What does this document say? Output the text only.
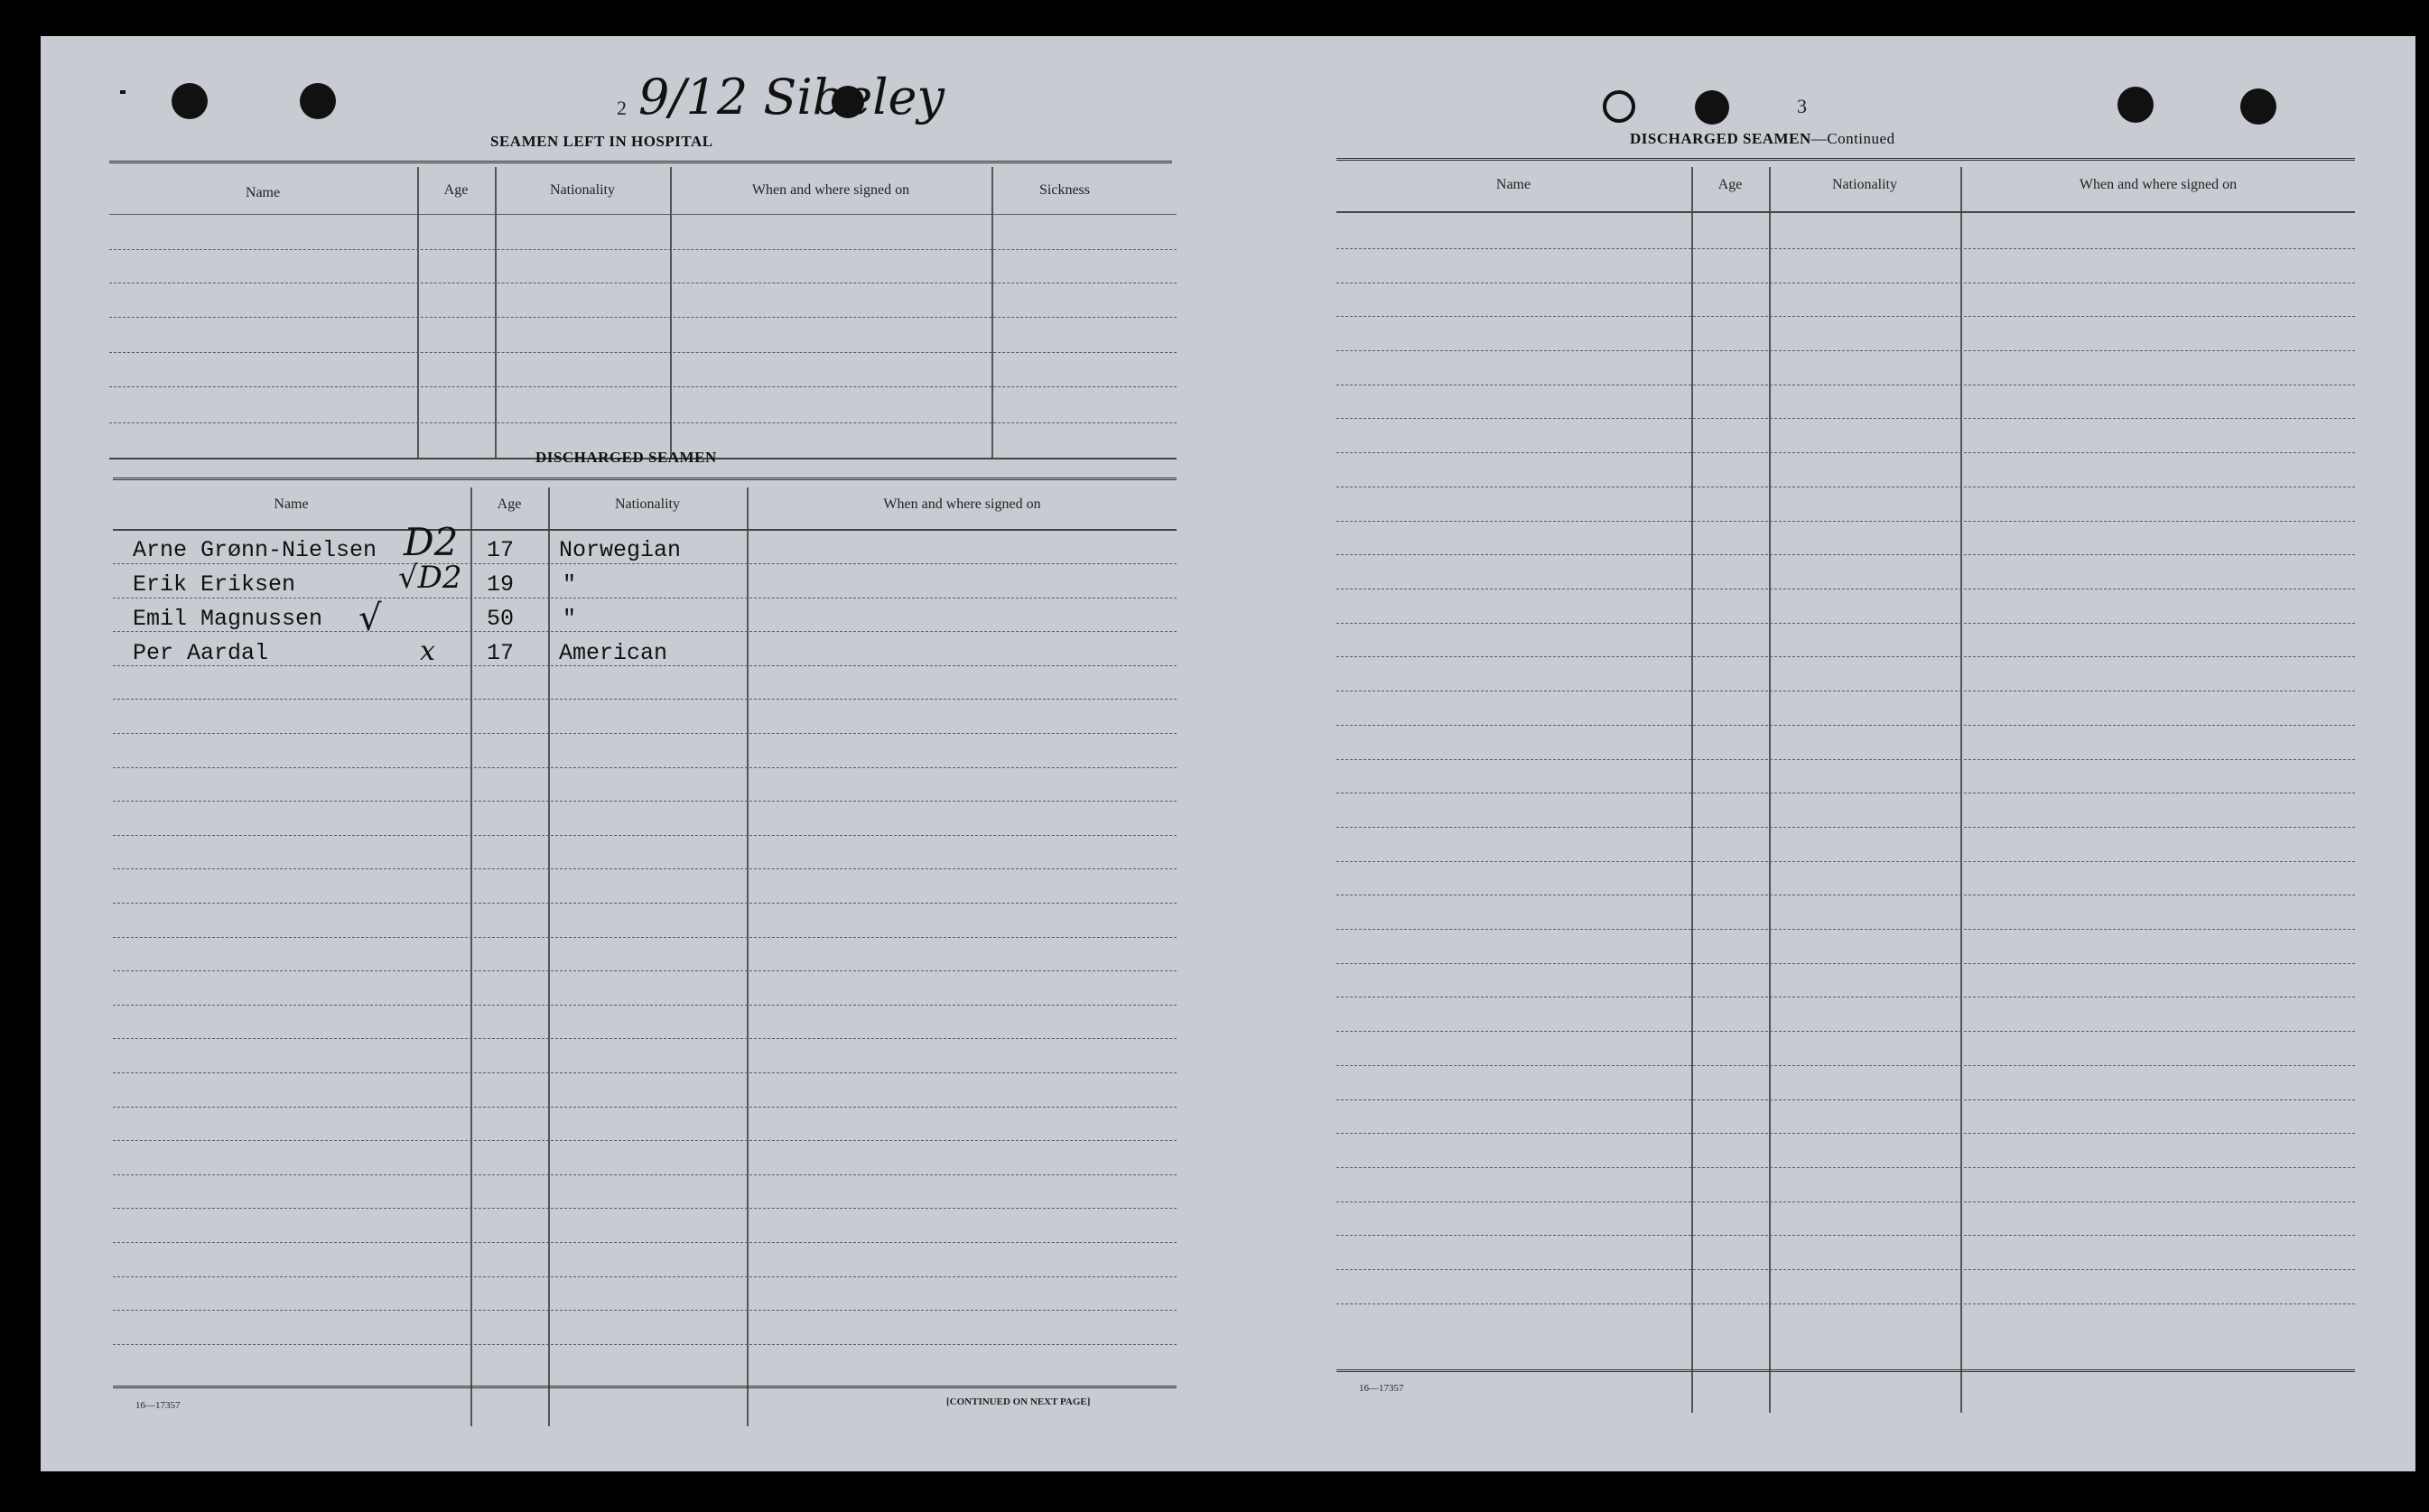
2 9/12 Sibeley
SEAMEN LEFT IN HOSPITAL
Name	Age	Nationality	When and where signed on	Sickness
DISCHARGED SEAMEN
Name	Age	Nationality	When and where signed on
Arne Grønn-Nielsen	17 Norwegian
D2
Erik Eriksen	19 "
√D2
Emil Magnussen	50 "
√
Per Aardal	17 American
x
16—17357	[CONTINUED ON NEXT PAGE]
3
DISCHARGED SEAMEN—Continued
Name	Age	Nationality	When and where signed on
16—17357
